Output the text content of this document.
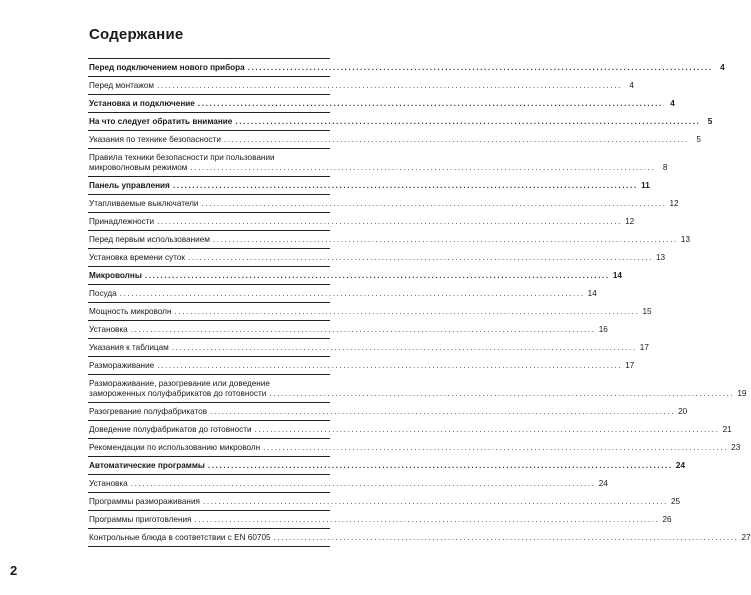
Содержание
Перед подключением нового прибора ........................................................................................................................ 4
Перед монтажом ........................................................................................................................ 4
Установка и подключение ........................................................................................................................ 4
На что следует обратить внимание ........................................................................................................................ 5
Указания по технике безопасности ........................................................................................................................ 5
Правила техники безопасности при пользовании
микроволновым режимом ........................................................................................................................ 8
Панель управления ........................................................................................................................ 11
Утапливаемые выключатели ........................................................................................................................ 12
Принадлежности ........................................................................................................................ 12
Перед первым использованием ........................................................................................................................ 13
Установка времени суток ........................................................................................................................ 13
Микроволны ........................................................................................................................ 14
Посуда ........................................................................................................................ 14
Мощность микроволн ........................................................................................................................ 15
Установка ........................................................................................................................ 16
Указания к таблицам ........................................................................................................................ 17
Размораживание ........................................................................................................................ 17
Размораживание, разогревание или доведение
замороженных полуфабрикатов до готовности ........................................................................................................................ 19
Разогревание полуфабрикатов ........................................................................................................................ 20
Доведение полуфабрикатов до готовности ........................................................................................................................ 21
Рекомендации по использованию микроволн ........................................................................................................................ 23
Автоматические программы ........................................................................................................................ 24
Установка ........................................................................................................................ 24
Программы размораживания ........................................................................................................................ 25
Программы приготовления ........................................................................................................................ 26
Контрольные блюда в соответствии с EN 60705 ........................................................................................................................ 27
2
